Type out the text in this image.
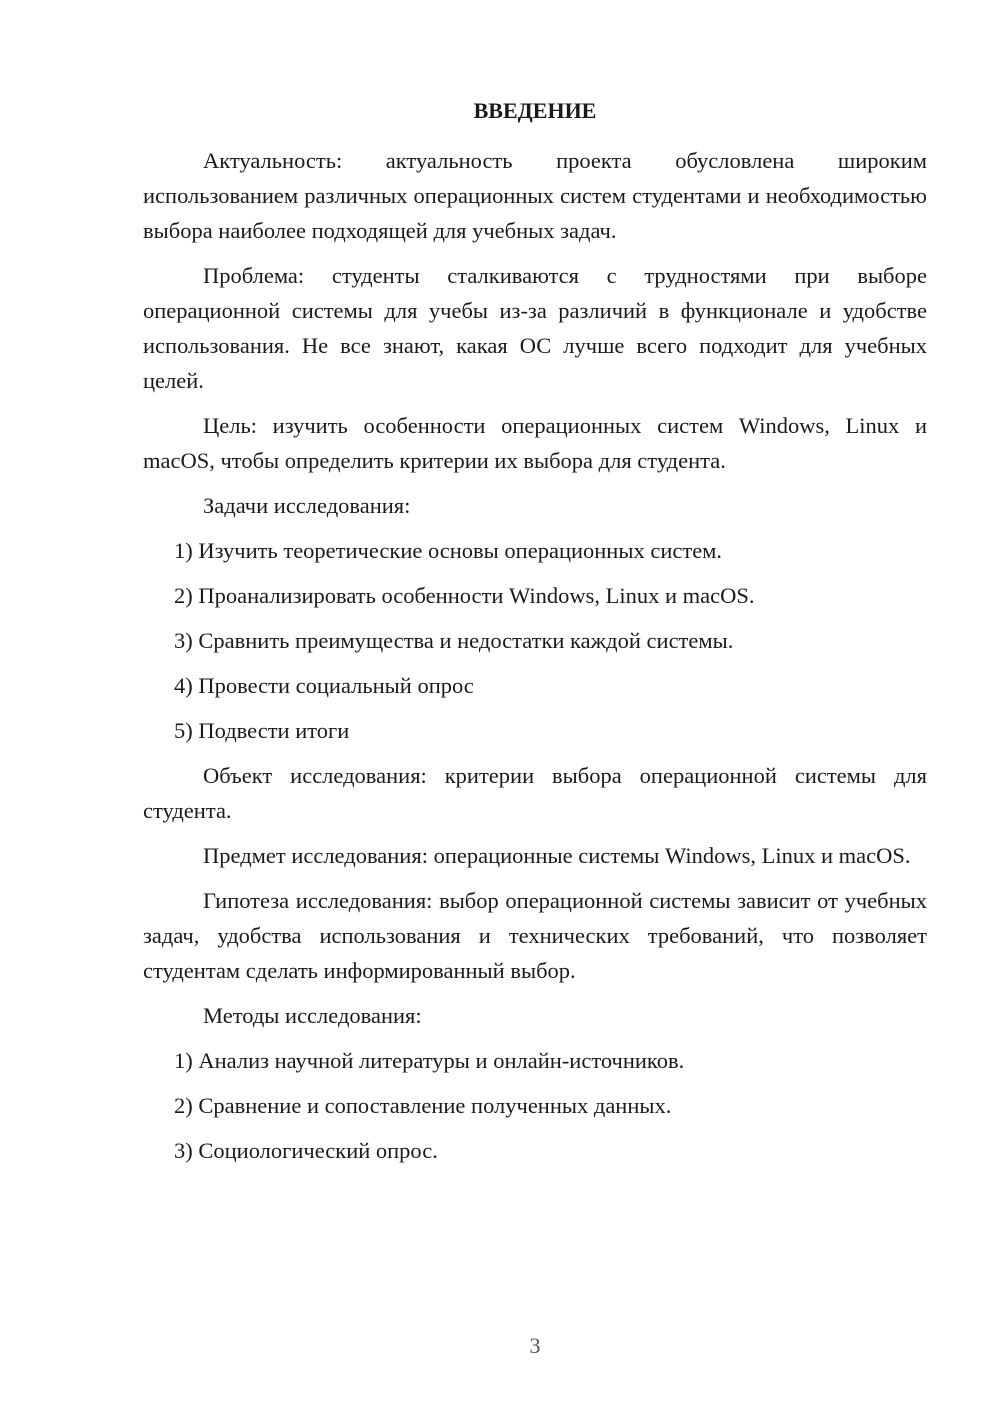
ВВЕДЕНИЕ

Актуальность: актуальность проекта обусловлена широким использованием различных операционных систем студентами и необходимостью выбора наиболее подходящей для учебных задач.

Проблема: студенты сталкиваются с трудностями при выборе операционной системы для учебы из-за различий в функционале и удобстве использования. Не все знают, какая ОС лучше всего подходит для учебных целей.

Цель: изучить особенности операционных систем Windows, Linux и macOS, чтобы определить критерии их выбора для студента.

Задачи исследования:

1) Изучить теоретические основы операционных систем.

2) Проанализировать особенности Windows, Linux и macOS.

3) Сравнить преимущества и недостатки каждой системы.

4) Провести социальный опрос

5) Подвести итоги

Объект исследования: критерии выбора операционной системы для студента.

Предмет исследования: операционные системы Windows, Linux и macOS.

Гипотеза исследования: выбор операционной системы зависит от учебных задач, удобства использования и технических требований, что позволяет студентам сделать информированный выбор.

Методы исследования:

1) Анализ научной литературы и онлайн-источников.

2) Сравнение и сопоставление полученных данных.

3) Социологический опрос.

3
